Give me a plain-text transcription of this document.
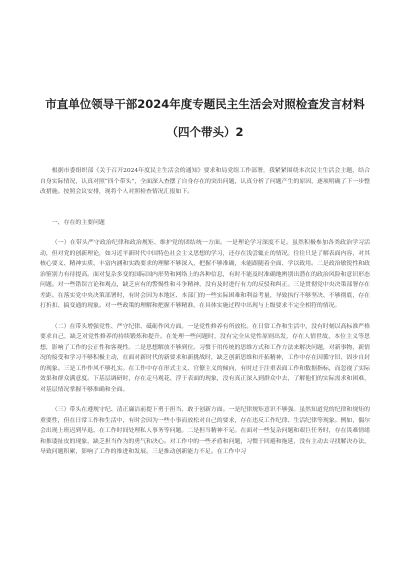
市直单位领导干部2024年度专题民主生活会对照检查发言材料
（四个带头）2

根据市委组织部《关于召开2024年度民主生活会的通知》要求和局党组工作部署，我紧紧围绕本次民主生活会主题，结合自身实际情况，认真对照“四个带头”，全面深入查摆了自身存在的突出问题，认真分析了问题产生的原因，逐项明确了下一步整改措施。按照会议安排，现将个人对照检查情况汇报如下。

一、存在的主要问题

（一）在带头严守政治纪律和政治规矩、维护党的团结统一方面。一是理论学习深度不足。虽然积极参加各类政治学习活动，但对党的创新理论，如习近平新时代中国特色社会主义思想的学习，还存在浅尝辄止的情况。往往只是了解表面内容，对其核心要义、精神实质、丰富内涵和实践要求的理解不够深入，把握不够准确，未能跟随着全面、学以致用。二是政治敏锐性和政治鉴别力有待提高。面对复杂多变的国际国内形势和网络上的各种信息，有时不能及时准确地辨别出潜在的政治风险和意识形态问题。对一些错误言论和观点，缺乏应有的警惕性和斗争精神，没有及时进行有力的反驳和纠正。三是贯彻党中央决策部署存在差距。在落实党中央决策部署时，有时会因为本地区、本部门的一些实际困难和利益考量，导致执行不够坚决、不够彻底，存在打折扣、搞变通的现象。对一些政策的理解和把握不够精准，在具体实施过程中出现与上级要求不完全相符的情况。

（二）在带头增强党性、严守纪律、砥砺作风方面。一是党性修养有所放松。在日常工作和生活中，没有时刻以高标准严格要求自己，缺乏对党性修养的持续锻炼和提升。在处理一些问题时，没有完全从党性原则出发，存在人情世故、本位主义等思想，影响了工作的公正性和客观性。二是思想解放不够到位。习惯于用传统的思维方式和工作方法来解决问题，对新事物、新情况的接受和学习不够积极主动，在面对新时代的新要求和新挑战时，缺乏创新思维和开拓精神，工作中存在因循守旧、固步自封的现象。三是工作作风不够扎实。在工作中存在形式主义、官僚主义的倾向，有时过于注重表面工作和数据指标，而忽视了实际效果和群众满意度。下基层调研时，存在走马观花、浮于表面的现象，没有真正深入到群众中去，了解他们的实际需求和困难，对基层情况掌握不够准确和全面。

（三）带头在遵规守纪、清正廉洁前提下勇于担当、敢于创新方面。一是纪律规矩意识不够强。虽然知道党的纪律和规矩的重要性，但在日常工作和生活中，有时会因为一些小事而放松对自己的要求，存在违反工作纪律、生活纪律等现象。例如，偶尔会出现上班迟到早退、在工作时间处理私人事务等问题。二是担当精神不足。在面对一些复杂问题和艰巨任务时，存在畏难情绪和推诿扯皮的现象，缺乏担当作为的勇气和决心。对工作中的一些矛盾和问题，习惯于回避和拖延，没有主动去寻找解决办法，导致问题积累，影响了工作的推进和发展。三是推动创新能力不足。在工作中习
